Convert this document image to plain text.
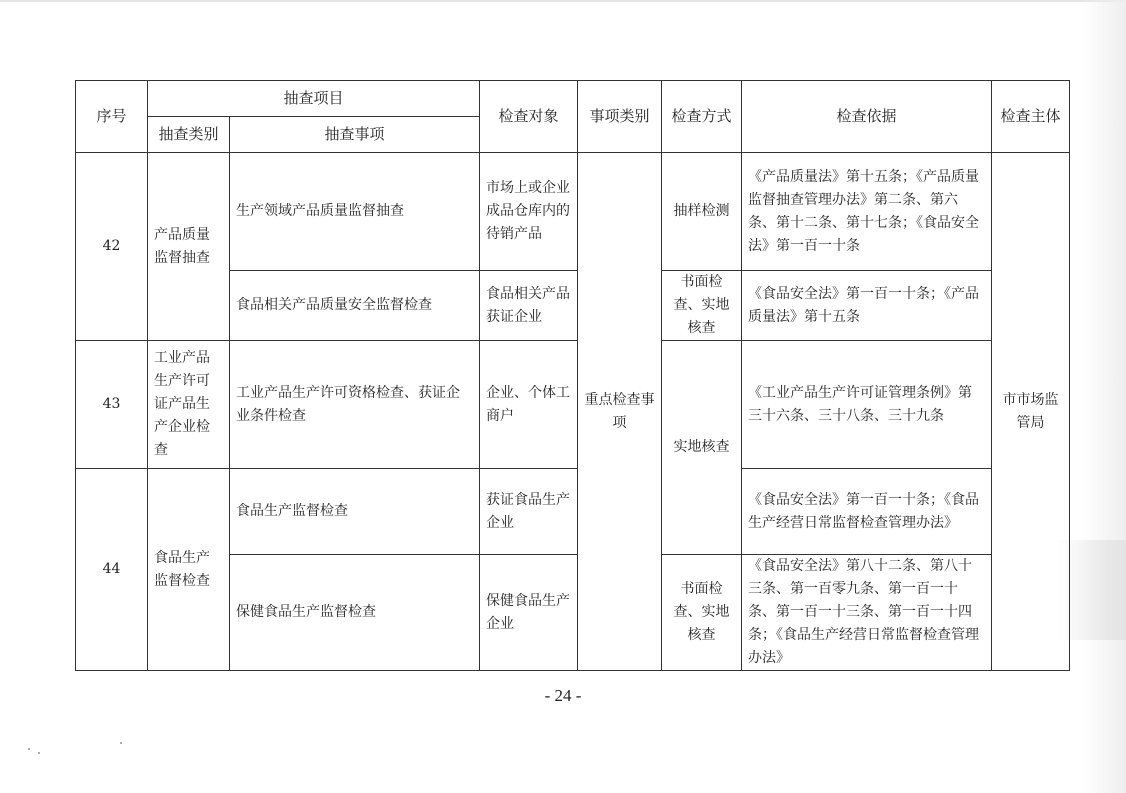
序号	抽查项目		检查对象	事项类别	检查方式	检查依据	检查主体
	抽查类别	抽查事项					
42	产品质量监督抽查	生产领域产品质量监督抽查	市场上或企业成品仓库内的待销产品	重点检查事项	抽样检测	《产品质量法》第十五条；《产品质量监督抽查管理办法》第二条、第六条、第十二条、第十七条；《食品安全法》第一百一十条	市市场监管局
		食品相关产品质量安全监督检查	食品相关产品获证企业		书面检查、实地核查	《食品安全法》第一百一十条；《产品质量法》第十五条	
43	工业产品生产许可证产品生产企业检查	工业产品生产许可资格检查、获证企业条件检查	企业、个体工商户		实地核查	《工业产品生产许可证管理条例》第三十六条、三十八条、三十九条	
44	食品生产监督检查	食品生产监督检查	获证食品生产企业			《食品安全法》第一百一十条；《食品生产经营日常监督检查管理办法》	
		保健食品生产监督检查	保健食品生产企业		书面检查、实地核查	《食品安全法》第八十二条、第八十三条、第一百零九条、第一百一十条、第一百一十三条、第一百一十四条；《食品生产经营日常监督检查管理办法》	
- 24 -
